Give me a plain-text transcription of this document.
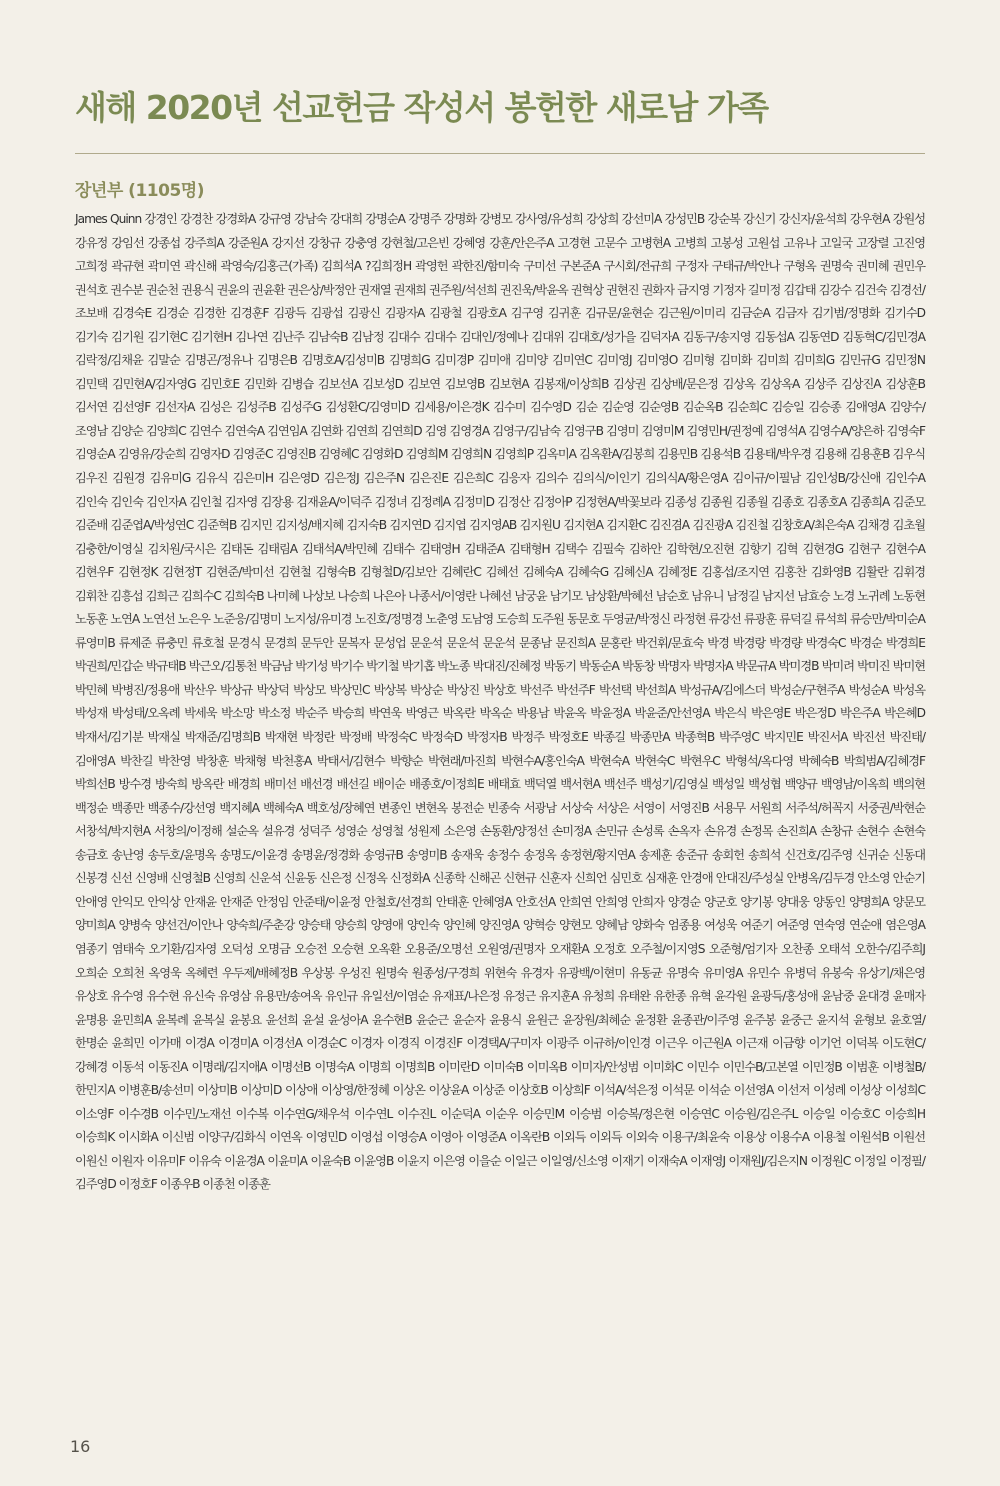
새해 2020년 선교헌금 작성서 봉헌한 새로남 가족
장년부 (1105명)

James Quinn 강경인 강경찬 강경화A 강규영 강남숙 강대희 강명순A 강명주 강명화 강병모 강사영/유성희 강상희 강선미A 강성민B 강순복 강신기 강신자/윤석희 강우현A 강원성 강유정 강임선 강종섭 강주희A 강준원A 강지선 강창규 강충영 강현철/고은빈 강혜영 강훈/안은주A 고경현 고문수 고병현A 고병희 고봉성 고원섭 고유나 고일국 고장렬 고진영 고희정 곽규현 곽미연 곽신해 곽영숙/김홍근(가족) 김희석A ?김희정H 곽영헌 곽한진/함미숙 구미선 구본준A 구시회/전규희 구정자 구태규/박안나 구형옥 권명숙 권미혜 권민우 권석호 권수분 권순천 권용식 권윤의 권윤환 권은상/박정안 권재열 권재희 권주원/석선희 권진욱/박윤옥 권혁상 권현진 권화자 금지영 기정자 길미정 김갑태 김강수 김건숙 김경선/조보배 김경숙E 김경순 김경한 김경훈F 김광득 김광섭 김광신 김광자A 김광철 김광호A 김구영 김귀훈 김규문/윤현순 김근원/이미리 김금순A 김금자 김기범/정명화 김기수D 김기숙 김기원 김기현C 김기현H 김나연 김난주 김남숙B 김남정 김대수 김대수 김대인/정예나 김대위 김대호/성가을 김덕자A 김동구/송지영 김동섭A 김동연D 김동혁C/김민경A 김락정/김채윤 김말순 김명곤/정유나 김명은B 김명호A/김성미B 김명희G 김미경P 김미애 김미양 김미연C 김미영J 김미영O 김미형 김미화 김미희 김미희G 김민규G 김민정N 김민택 김민현A/김자영G 김민호E 김민화 김병습 김보선A 김보성D 김보연 김보영B 김보현A 김봉재/이상희B 김상권 김상배/문은정 김상옥 김상옥A 김상주 김상진A 김상훈B 김서연 김선영F 김선자A 김성은 김성주B 김성주G 김성환C/김영미D 김세용/이은경K 김수미 김수영D 김순 김순영 김순영B 김순옥B 김순희C 김승일 김승종 김애영A 김양수/조영남 김양순 김양희C 김연수 김연숙A 김연임A 김연화 김연희 김연희D 김영 김영경A 김영구/김남숙 김영구B 김영미 김영미M 김영민H/권정예 김영석A 김영수A/양은하 김영숙F 김영순A 김영유/강순희 김영자D 김영준C 김영진B 김영혜C 김영화D 김영희M 김영희N 김영희P 김옥미A 김옥환A/김봉희 김용민B 김용석B 김용태/박우경 김용해 김용훈B 김우식 김우진 김원경 김유미G 김유식 김은미H 김은영D 김은정J 김은주N 김은진E 김은희C 김응자 김의수 김의식/이인기 김의식A/황은영A 김이규/이필남 김인성B/강신애 김인수A 김인숙 김인숙 김인자A 김인철 김자영 김장용 김재윤A/이덕주 김정녀 김정례A 김정미D 김정산 김정아P 김정현A/박꽃보라 김종성 김종원 김종월 김종호 김종호A 김종희A 김준모 김준배 김준엽A/박성연C 김준혁B 김지민 김지성/배지혜 김지숙B 김지연D 김지엽 김지영AB 김지원U 김지현A 김지환C 김진겸A 김진광A 김진철 김창호A/최은숙A 김채경 김초월 김충한/이영실 김치원/국시은 김태돈 김태림A 김태석A/박민혜 김태수 김태영H 김태준A 김태형H 김택수 김필숙 김하안 김학현/오진현 김향기 김혁 김현경G 김현구 김현수A 김현우F 김현정K 김현정T 김현준/박미선 김현철 김형숙B 김형철D/김보안 김혜란C 김혜선 김혜숙A 김혜숙G 김혜신A 김혜정E 김홍섭/조지연 김홍찬 김화영B 김활란 김휘경 김휘찬 김흥섭 김희근 김희수C 김희숙B 나미혜 나상보 나승희 나은아 나종서/이영란 나혜선 남궁윤 남기모 남상환/박혜선 남순호 남유니 남정길 남지선 남효승 노경 노귀례 노동현 노동훈 노연A 노연선 노은우 노준응/김명미 노지성/유미경 노진호/정명경 노춘영 도남영 도승희 도주원 동문호 두영균/박정신 라정현 류강선 류광훈 류덕길 류석희 류승만/박미순A 류영미B 류제준 류충민 류호철 문경식 문경희 문두안 문복자 문성업 문운석 문운석 문운석 문종남 문진희A 문홍란 박건휘/문효숙 박경 박경랑 박경량 박경숙C 박경순 박경희E 박권희/민갑순 박규태B 박근오/김통천 박금남 박기성 박기수 박기철 박기홉 박노종 박대진/진혜정 박동기 박동순A 박동창 박명자 박명자A 박문규A 박미경B 박미려 박미진 박미현 박민혜 박병진/정용애 박산우 박상규 박상덕 박상모 박상민C 박상복 박상순 박상진 박상호 박선주 박선주F 박선택 박선희A 박성규A/김에스더 박성순/구현주A 박성순A 박성옥 박성재 박성태/오옥례 박세욱 박소망 박소정 박순주 박승희 박연욱 박영근 박옥란 박옥순 박용남 박윤옥 박윤정A 박윤준/안선영A 박은식 박은영E 박은정D 박은주A 박은혜D 박재서/김기분 박재실 박재준/김명희B 박재현 박정란 박정배 박정숙C 박정숙D 박정자B 박정주 박정호E 박종길 박종만A 박종혁B 박주영C 박지민E 박진서A 박진선 박진태/김애영A 박찬길 박찬영 박창훈 박채형 박천홍A 박태서/김현수 박향순 박현래/마진희 박현수A/홍인숙A 박현숙A 박현숙C 박현우C 박형석/옥다영 박혜숙B 박희범A/김혜경F 박희선B 방수경 방숙희 방옥란 배경희 배미선 배선경 배선길 배이순 배종호/이정희E 배태효 백덕열 백서현A 백선주 백성기/김영실 백성일 백성협 백양규 백영남/이옥희 백의현 백정순 백종만 백종수/강선영 백지혜A 백혜숙A 백호성/장혜연 변종인 변현옥 봉전순 빈종숙 서광남 서상숙 서상은 서영이 서영진B 서용무 서원희 서주석/허꼭지 서중권/박현순 서창석/박지현A 서창의/이정해 설순옥 설유경 성덕주 성영순 성영철 성원제 소은영 손동환/양정선 손미정A 손민규 손성록 손옥자 손유경 손정목 손진희A 손창규 손현수 손현숙 송금호 송난영 송두호/윤명옥 송명도/이윤경 송명윤/정경화 송영규B 송영미B 송재욱 송정수 송정옥 송정현/황지연A 송제훈 송준규 송회헌 송희석 신건호/김주영 신귀순 신동대 신봉경 신선 신영배 신영철B 신영희 신운석 신윤동 신은정 신정옥 신정화A 신종학 신해곤 신현규 신훈자 신희언 심민호 심재훈 안경애 안대진/주성실 안병옥/김두경 안소영 안순기 안애영 안익모 안익상 안재윤 안재준 안정임 안준태/이윤정 안철호/선경희 안태훈 안혜영A 안호선A 안희연 안희영 안희자 양경순 양군호 양기봉 양대웅 양동인 양명희A 양문모 양미희A 양병숙 양선건/이안나 양숙희/주춘강 양승태 양승희 양영애 양인숙 양인혜 양진영A 양혁승 양현모 양혜남 양화숙 엄종용 여성욱 여준기 여준영 연숙영 연순애 염은영A 염종기 염태숙 오기환/김자영 오덕성 오명금 오승전 오승현 오옥환 오용준/오명선 오원영/권명자 오재환A 오정호 오주철/이지영S 오준형/엄기자 오찬종 오태석 오한수/김주희J 오희순 오희천 옥영욱 옥혜련 우두제/배혜정B 우상봉 우성진 원명숙 원종성/구경희 위현숙 유경자 유광백/이현미 유동균 유명숙 유미영A 유민수 유병덕 유봉숙 유상기/채은영 유상호 유수영 유수현 유신숙 유영삼 유용만/송여옥 유인규 유일선/이염순 유재표/나은정 유정근 유지훈A 유청희 유태완 유한종 유혁 윤각원 윤광득/홍성애 윤남중 윤대경 윤매자 윤명용 윤민희A 윤복례 윤복실 윤봉요 윤선희 윤설 윤성아A 윤수현B 윤순근 윤순자 윤용식 윤원근 윤장원/최혜순 윤정환 윤종관/이주영 윤주봉 윤중근 윤지석 윤형보 윤호열/한명순 윤희민 이가매 이경A 이경미A 이경선A 이경순C 이경자 이경직 이경진F 이경택A/구미자 이광주 이규하/이인경 이근우 이근원A 이근재 이금향 이기언 이덕복 이도현C/강혜경 이동석 이동진A 이명래/김지애A 이명선B 이명숙A 이명희 이명희B 이미란D 이미숙B 이미옥B 이미자/안성범 이미화C 이민수 이민수B/고본열 이민정B 이범훈 이병철B/한민지A 이병훈B/송선미 이상미B 이상미D 이상애 이상영/한정혜 이상온 이상윤A 이상준 이상호B 이상희F 이석A/석은정 이석문 이석순 이선영A 이선저 이성례 이성상 이성희C 이소영F 이수경B 이수민/노재선 이수복 이수연G/채우석 이수연L 이수진L 이순덕A 이순우 이승민M 이승범 이승복/정은현 이승연C 이승원/김은주L 이승일 이승호C 이승희H 이승희K 이시화A 이신범 이양구/김화식 이연옥 이영민D 이영섭 이영승A 이영아 이영준A 이옥란B 이외득 이외득 이외숙 이용구/최윤숙 이용상 이용수A 이용철 이원석B 이원선 이원신 이원자 이유미F 이유숙 이윤경A 이윤미A 이윤숙B 이윤영B 이윤지 이은영 이을순 이일근 이일영/신소영 이재기 이재숙A 이재영J 이재원J/김은지N 이정원C 이정일 이정필/김주영D 이정호F 이종우B 이종천 이종훈

16
